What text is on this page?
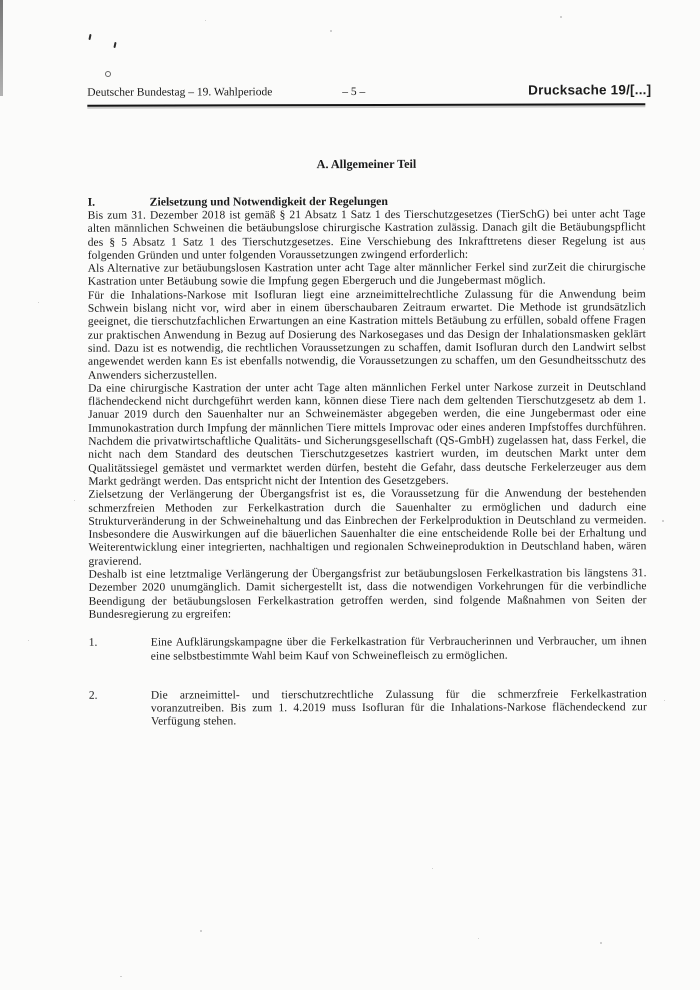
Deutscher Bundestag – 19. Wahlperiode	– 5 –	Drucksache 19/[...]
A. Allgemeiner Teil
I.	Zielsetzung und Notwendigkeit der Regelungen

Bis zum 31. Dezember 2018 ist gemäß § 21 Absatz 1 Satz 1 des Tierschutzgesetzes (TierSchG) bei unter acht Tage alten männlichen Schweinen die betäubungslose chirurgische Kastration zulässig. Danach gilt die Betäubungspflicht des § 5 Absatz 1 Satz 1 des Tierschutzgesetzes. Eine Verschiebung des Inkrafttretens dieser Regelung ist aus folgenden Gründen und unter folgenden Voraussetzungen zwingend erforderlich:

Als Alternative zur betäubungslosen Kastration unter acht Tage alter männlicher Ferkel sind zurZeit die chirurgische Kastration unter Betäubung sowie die Impfung gegen Ebergeruch und die Jungebermast möglich.

Für die Inhalations-Narkose mit Isofluran liegt eine arzneimittelrechtliche Zulassung für die Anwendung beim Schwein bislang nicht vor, wird aber in einem überschaubaren Zeitraum erwartet. Die Methode ist grundsätzlich geeignet, die tierschutzfachlichen Erwartungen an eine Kastration mittels Betäubung zu erfüllen, sobald offene Fragen zur praktischen Anwendung in Bezug auf Dosierung des Narkosegases und das Design der Inhalationsmasken geklärt sind. Dazu ist es notwendig, die rechtlichen Voraussetzungen zu schaffen, damit Isofluran durch den Landwirt selbst angewendet werden kann Es ist ebenfalls notwendig, die Voraussetzungen zu schaffen, um den Gesundheitsschutz des Anwenders sicherzustellen.

Da eine chirurgische Kastration der unter acht Tage alten männlichen Ferkel unter Narkose zurzeit in Deutschland flächendeckend nicht durchgeführt werden kann, können diese Tiere nach dem geltenden Tierschutzgesetz ab dem 1. Januar 2019 durch den Sauenhalter nur an Schweinemäster abgegeben werden, die eine Jungebermast oder eine Immunokastration durch Impfung der männlichen Tiere mittels Improvac oder eines anderen Impfstoffes durchführen. Nachdem die privatwirtschaftliche Qualitäts- und Sicherungsgesellschaft (QS-GmbH) zugelassen hat, dass Ferkel, die nicht nach dem Standard des deutschen Tierschutzgesetzes kastriert wurden, im deutschen Markt unter dem Qualitätssiegel gemästet und vermarktet werden dürfen, besteht die Gefahr, dass deutsche Ferkelerzeuger aus dem Markt gedrängt werden. Das entspricht nicht der Intention des Gesetzgebers.

Zielsetzung der Verlängerung der Übergangsfrist ist es, die Voraussetzung für die Anwendung der bestehenden schmerzfreien Methoden zur Ferkelkastration durch die Sauenhalter zu ermöglichen und dadurch eine Strukturveränderung in der Schweinehaltung und das Einbrechen der Ferkelproduktion in Deutschland zu vermeiden. Insbesondere die Auswirkungen auf die bäuerlichen Sauenhalter die eine entscheidende Rolle bei der Erhaltung und Weiterentwicklung einer integrierten, nachhaltigen und regionalen Schweineproduktion in Deutschland haben, wären gravierend.

Deshalb ist eine letztmalige Verlängerung der Übergangsfrist zur betäubungslosen Ferkelkastration bis längstens 31. Dezember 2020 unumgänglich. Damit sichergestellt ist, dass die notwendigen Vorkehrungen für die verbindliche Beendigung der betäubungslosen Ferkelkastration getroffen werden, sind folgende Maßnahmen von Seiten der Bundesregierung zu ergreifen:

1.	Eine Aufklärungskampagne über die Ferkelkastration für Verbraucherinnen und Verbraucher, um ihnen eine selbstbestimmte Wahl beim Kauf von Schweinefleisch zu ermöglichen.
2.	Die arzneimittel- und tierschutzrechtliche Zulassung für die schmerzfreie Ferkelkastration voranzutreiben. Bis zum 1. 4.2019 muss Isofluran für die Inhalations-Narkose flächendeckend zur Verfügung stehen.
